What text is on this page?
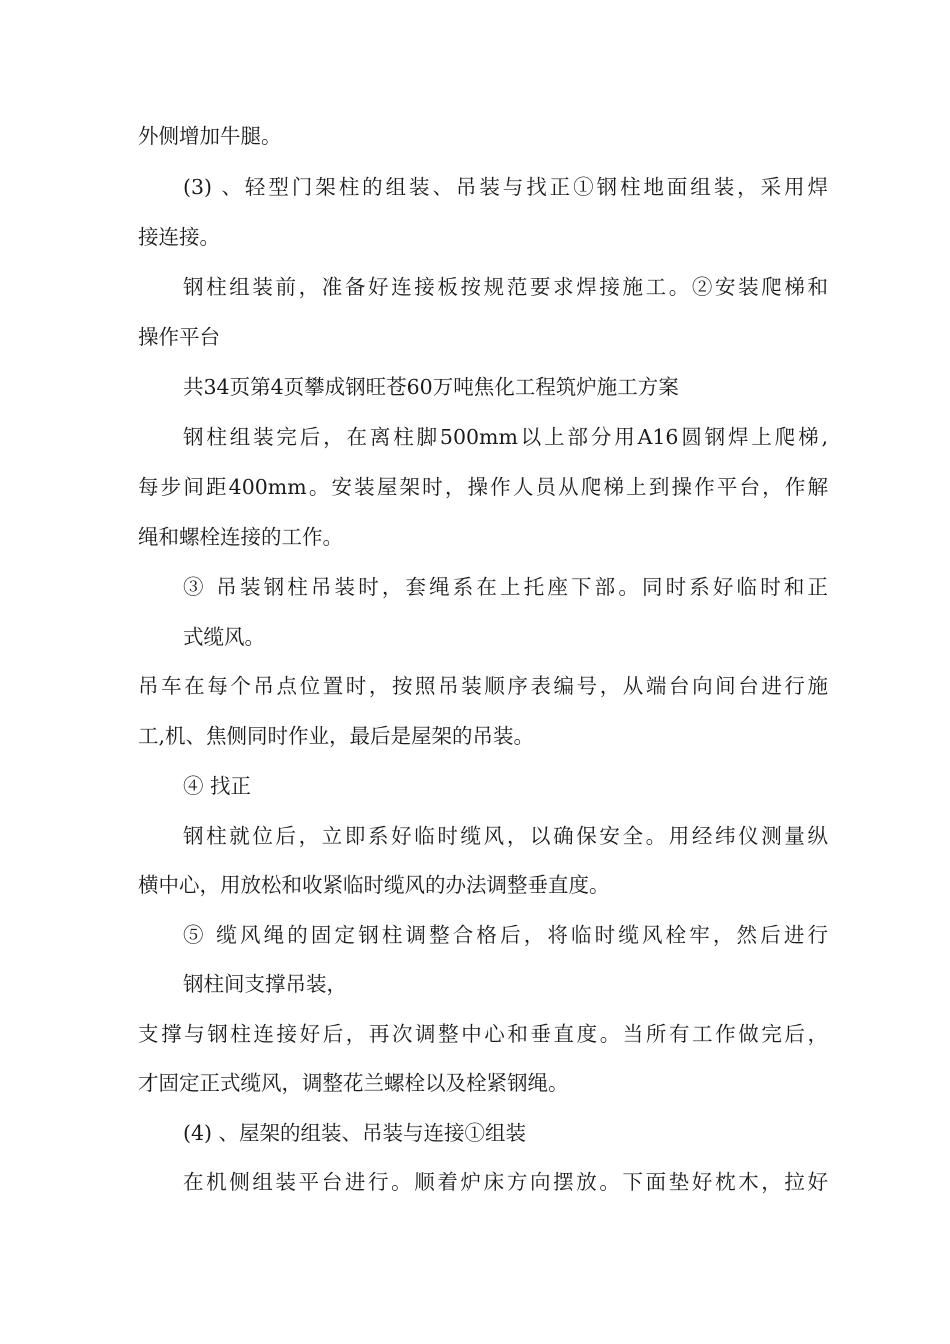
外侧增加牛腿。
(3) 、轻型门架柱的组装、吊装与找正①钢柱地面组装，采用焊
接连接。
钢柱组装前，准备好连接板按规范要求焊接施工。②安装爬梯和
操作平台
共34页第4页攀成钢旺苍60万吨焦化工程筑炉施工方案
钢柱组装完后，在离柱脚500mm以上部分用A16圆钢焊上爬梯,
每步间距400mm。安装屋架时，操作人员从爬梯上到操作平台，作解
绳和螺栓连接的工作。
③ 吊装钢柱吊装时，套绳系在上托座下部。同时系好临时和正
式缆风。
吊车在每个吊点位置时，按照吊装顺序表编号，从端台向间台进行施
工,机、焦侧同时作业，最后是屋架的吊装。
④ 找正
钢柱就位后，立即系好临时缆风，以确保安全。用经纬仪测量纵
横中心，用放松和收紧临时缆风的办法调整垂直度。
⑤ 缆风绳的固定钢柱调整合格后，将临时缆风栓牢，然后进行
钢柱间支撑吊装，
支撑与钢柱连接好后，再次调整中心和垂直度。当所有工作做完后，
才固定正式缆风，调整花兰螺栓以及栓紧钢绳。
(4) 、屋架的组装、吊装与连接①组装
在机侧组装平台进行。顺着炉床方向摆放。下面垫好枕木，拉好
